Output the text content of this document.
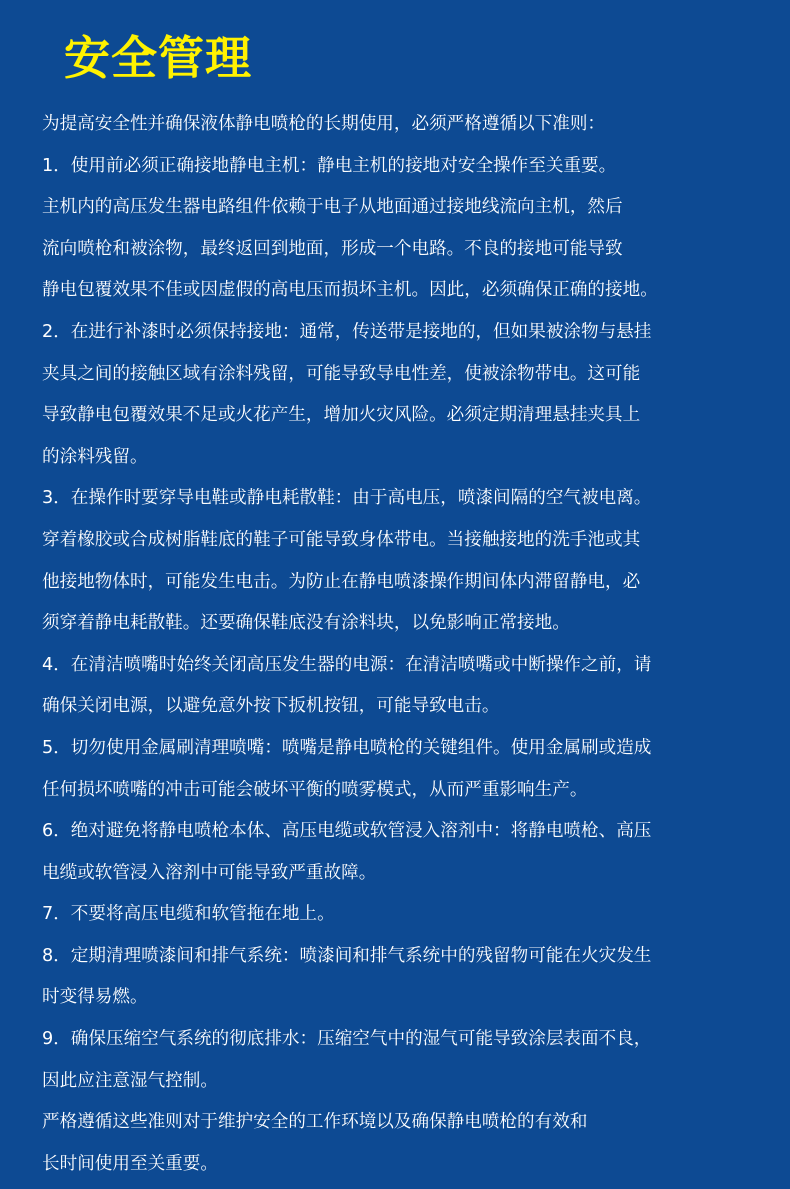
安全管理
为提高安全性并确保液体静电喷枪的长期使用，必须严格遵循以下准则：
1．使用前必须正确接地静电主机：静电主机的接地对安全操作至关重要。
主机内的高压发生器电路组件依赖于电子从地面通过接地线流向主机，然后
流向喷枪和被涂物，最终返回到地面，形成一个电路。不良的接地可能导致
静电包覆效果不佳或因虚假的高电压而损坏主机。因此，必须确保正确的接地。
2．在进行补漆时必须保持接地：通常，传送带是接地的，但如果被涂物与悬挂
夹具之间的接触区域有涂料残留，可能导致导电性差，使被涂物带电。这可能
导致静电包覆效果不足或火花产生，增加火灾风险。必须定期清理悬挂夹具上
的涂料残留。
3．在操作时要穿导电鞋或静电耗散鞋：由于高电压，喷漆间隔的空气被电离。
穿着橡胶或合成树脂鞋底的鞋子可能导致身体带电。当接触接地的洗手池或其
他接地物体时，可能发生电击。为防止在静电喷漆操作期间体内滞留静电，必
须穿着静电耗散鞋。还要确保鞋底没有涂料块，以免影响正常接地。
4．在清洁喷嘴时始终关闭高压发生器的电源：在清洁喷嘴或中断操作之前，请
确保关闭电源，以避免意外按下扳机按钮，可能导致电击。
5．切勿使用金属刷清理喷嘴：喷嘴是静电喷枪的关键组件。使用金属刷或造成
任何损坏喷嘴的冲击可能会破坏平衡的喷雾模式，从而严重影响生产。
6．绝对避免将静电喷枪本体、高压电缆或软管浸入溶剂中：将静电喷枪、高压
电缆或软管浸入溶剂中可能导致严重故障。
7．不要将高压电缆和软管拖在地上。
8．定期清理喷漆间和排气系统：喷漆间和排气系统中的残留物可能在火灾发生
时变得易燃。
9．确保压缩空气系统的彻底排水：压缩空气中的湿气可能导致涂层表面不良，
因此应注意湿气控制。
严格遵循这些准则对于维护安全的工作环境以及确保静电喷枪的有效和
长时间使用至关重要。
